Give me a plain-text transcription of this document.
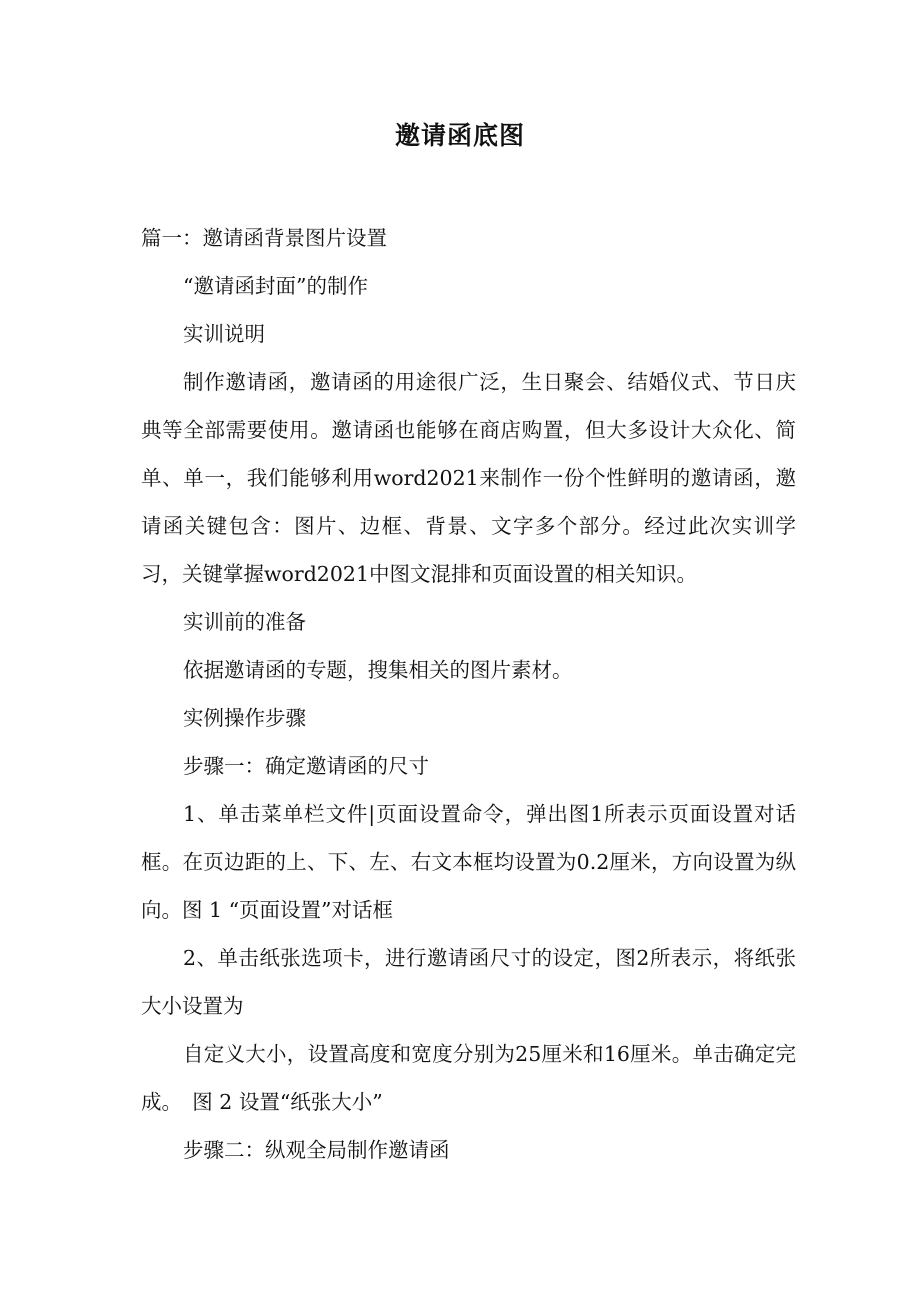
邀请函底图

篇一：邀请函背景图片设置

“邀请函封面”的制作

实训说明

制作邀请函，邀请函的用途很广泛，生日聚会、结婚仪式、节日庆典等全部需要使用。邀请函也能够在商店购置，但大多设计大众化、简单、单一，我们能够利用word2021来制作一份个性鲜明的邀请函，邀请函关键包含：图片、边框、背景、文字多个部分。经过此次实训学习，关键掌握word2021中图文混排和页面设置的相关知识。

实训前的准备

依据邀请函的专题，搜集相关的图片素材。

实例操作步骤

步骤一：确定邀请函的尺寸

1、单击菜单栏文件|页面设置命令，弹出图1所表示页面设置对话框。在页边距的上、下、左、右文本框均设置为0.2厘米，方向设置为纵向。图 1 “页面设置”对话框

2、单击纸张选项卡，进行邀请函尺寸的设定，图2所表示，将纸张大小设置为

自定义大小，设置高度和宽度分别为25厘米和16厘米。单击确定完成。　图 2 设置“纸张大小”

步骤二：纵观全局制作邀请函
